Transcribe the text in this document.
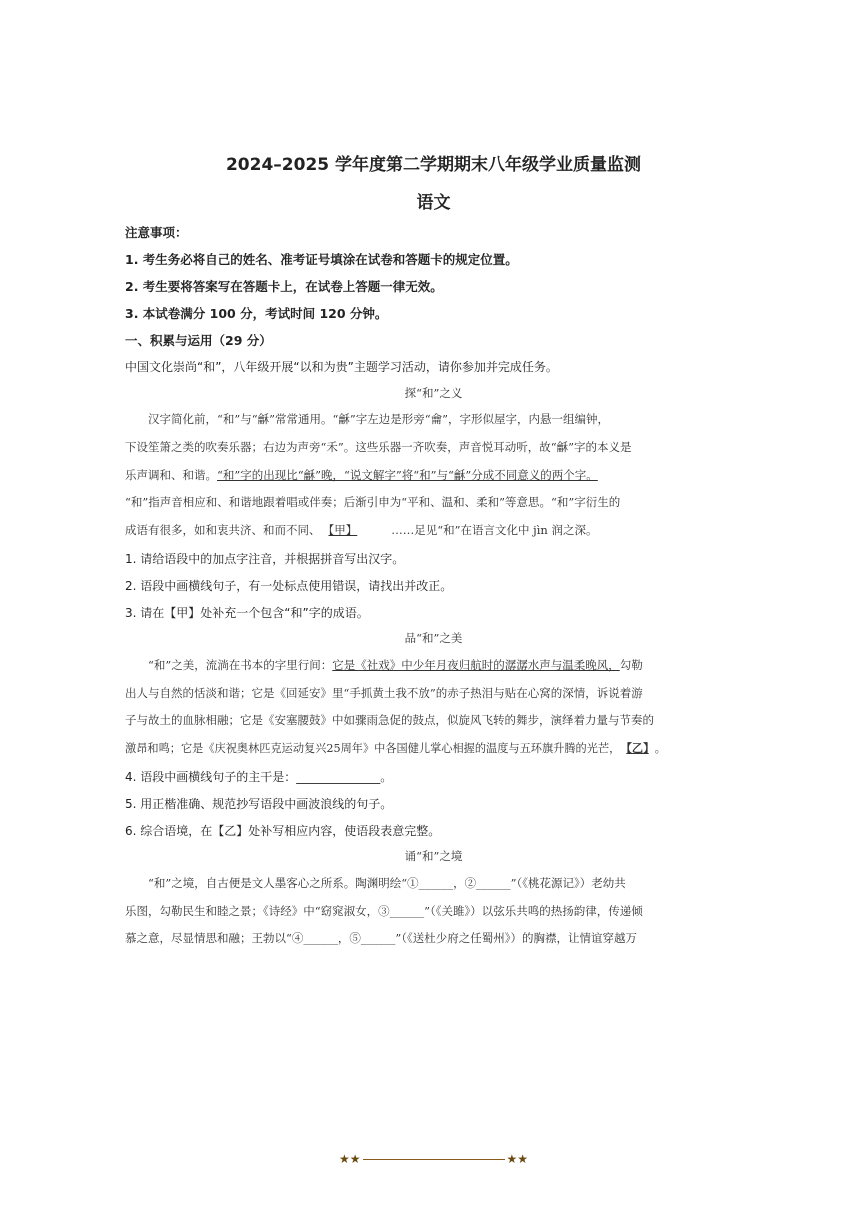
2024–2025 学年度第二学期期末八年级学业质量监测
语文
注意事项：
1. 考生务必将自己的姓名、准考证号填涂在试卷和答题卡的规定位置。
2. 考生要将答案写在答题卡上，在试卷上答题一律无效。
3. 本试卷满分 100 分，考试时间 120 分钟。
一、积累与运用（29 分）
中国文化崇尚“和”，八年级开展“以和为贵”主题学习活动，请你参加并完成任务。
探“和”之义
汉字简化前，“和”与“龢”常常通用。“龢”字左边是形旁“龠”，字形似屋字，内悬一组编钟，
下设笙箫之类的吹奏乐器；右边为声旁“禾”。这些乐器一齐吹奏，声音悦耳动听，故“龢”字的本义是
乐声调和、和谐。“和”字的出现比“龢”晚，“说文解字”将“和”与“龢”分成不同意义的两个字。
“和”指声音相应和、和谐地跟着唱或伴奏；后渐引申为“平和、温和、柔和”等意思。“和”字衍生的
成语有很多，如和衷共济、和而不同、 【甲】	……足见“和”在语言文化中 jìn 润之深。
1. 请给语段中的加点字注音，并根据拼音写出汉字。
2. 语段中画横线句子，有一处标点使用错误，请找出并改正。
3. 请在【甲】处补充一个包含“和”字的成语。
品“和”之美
“和”之美，流淌在书本的字里行间：它是《社戏》中少年月夜归航时的潺潺水声与温柔晚风，勾勒
出人与自然的恬淡和谐；它是《回延安》里“手抓黄土我不放”的赤子热泪与贴在心窝的深情，诉说着游
子与故土的血脉相融；它是《安塞腰鼓》中如骤雨急促的鼓点，似旋风飞转的舞步，演绎着力量与节奏的
激昂和鸣；它是《庆祝奥林匹克运动复兴25周年》中各国健儿掌心相握的温度与五环旗升腾的光芒， 【乙】 。
4. 语段中画横线句子的主干是：______________。
5. 用正楷准确、规范抄写语段中画波浪线的句子。
6. 综合语境，在【乙】处补写相应内容，使语段表意完整。
诵“和”之境
“和”之境，自古便是文人墨客心之所系。陶渊明绘“①______，②______”（《桃花源记》）老幼共
乐图，勾勒民生和睦之景；《诗经》中“窈窕淑女，③______”（《关雎》）以弦乐共鸣的热扬韵律，传递倾
慕之意，尽显情思和融；王勃以“④______，⑤______”（《送杜少府之任蜀州》）的胸襟，让情谊穿越万
★★	★★
